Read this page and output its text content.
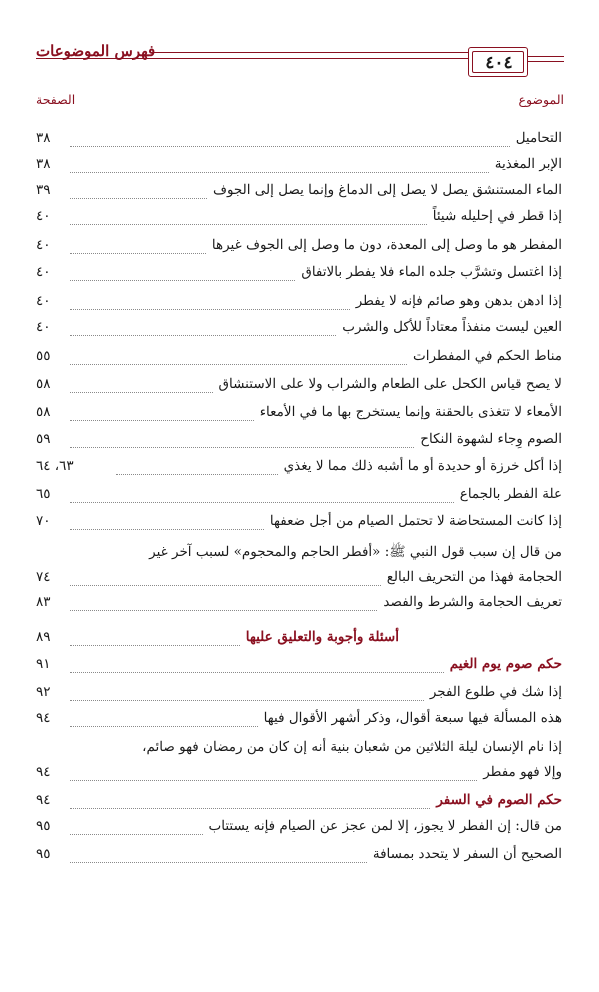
فهرس الموضوعات
٤٠٤
الموضوع
الصفحة
التحاميل
٣٨
الإبر المغذية
٣٨
الماء المستنشق يصل لا يصل إلى الدماغ وإنما يصل إلى الجوف
٣٩
إذا قطر في إحليله شيئاً
٤٠
المفطر هو ما وصل إلى المعدة، دون ما وصل إلى الجوف غيرها
٤٠
إذا اغتسل وتشرَّب جلده الماء فلا يفطر بالاتفاق
٤٠
إذا ادهن بدهن وهو صائم فإنه لا يفطر
٤٠
العين ليست منفذاً معتاداً للأكل والشرب
٤٠
مناط الحكم في المفطرات
٥٥
لا يصح قياس الكحل على الطعام والشراب ولا على الاستنشاق
٥٨
الأمعاء لا تتغذى بالحقنة وإنما يستخرج بها ما في الأمعاء
٥٨
الصوم وِجاء لشهوة النكاح
٥٩
إذا أكل خرزة أو حديدة أو ما أشبه ذلك مما لا يغذي
٦٣، ٦٤
علة الفطر بالجماع
٦٥
إذا كانت المستحاضة لا تحتمل الصيام من أجل ضعفها
٧٠
من قال إن سبب قول النبي ﷺ: «أفطر الحاجم والمحجوم» لسبب آخر غير
الحجامة فهذا من التحريف البالع
٧٤
تعريف الحجامة والشرط والفصد
٨٣
أسئلة وأجوبة والتعليق عليها
٨٩
حكم صوم يوم الغيم
٩١
إذا شك في طلوع الفجر
٩٢
هذه المسألة فيها سبعة أقوال، وذكر أشهر الأقوال فيها
٩٤
إذا نام الإنسان ليلة الثلاثين من شعبان بنية أنه إن كان من رمضان فهو صائم،
وإلا فهو مفطر
٩٤
حكم الصوم في السفر
٩٤
من قال: إن الفطر لا يجوز، إلا لمن عجز عن الصيام فإنه يستتاب
٩٥
الصحيح أن السفر لا يتحدد بمسافة
٩٥
